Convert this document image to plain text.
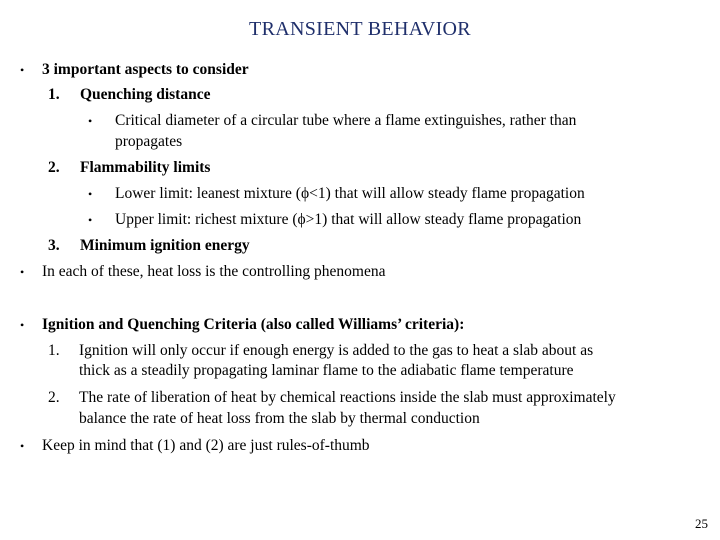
TRANSIENT BEHAVIOR
• 3 important aspects to consider
1. Quenching distance
• Critical diameter of a circular tube where a flame extinguishes, rather than
propagates
2. Flammability limits
• Lower limit: leanest mixture (ϕ<1) that will allow steady flame propagation
• Upper limit: richest mixture (ϕ>1) that will allow steady flame propagation
3. Minimum ignition energy
• In each of these, heat loss is the controlling phenomena
• Ignition and Quenching Criteria (also called Williams’ criteria):
1. Ignition will only occur if enough energy is added to the gas to heat a slab about as
thick as a steadily propagating laminar flame to the adiabatic flame temperature
2. The rate of liberation of heat by chemical reactions inside the slab must approximately
balance the rate of heat loss from the slab by thermal conduction
• Keep in mind that (1) and (2) are just rules-of-thumb
25
